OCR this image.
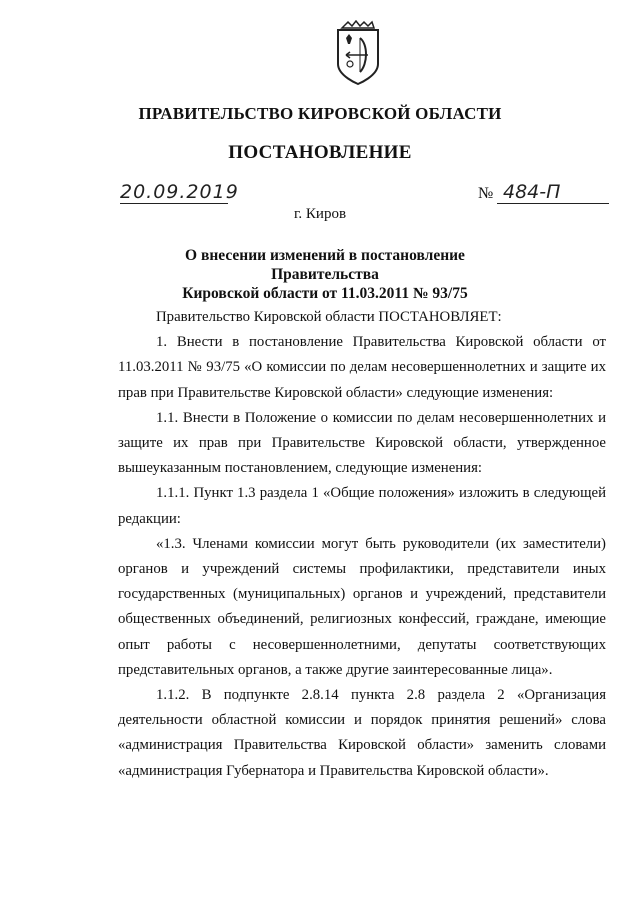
ПРАВИТЕЛЬСТВО КИРОВСКОЙ ОБЛАСТИ
ПОСТАНОВЛЕНИЕ
20.09.2019	№ 484-П
г. Киров
О внесении изменений в постановление Правительства
Кировской области от 11.03.2011 № 93/75

Правительство Кировской области ПОСТАНОВЛЯЕТ:

1. Внести в постановление Правительства Кировской области от 11.03.2011 № 93/75 «О комиссии по делам несовершеннолетних и защите их прав при Правительстве Кировской области» следующие изменения:

1.1. Внести в Положение о комиссии по делам несовершеннолетних и защите их прав при Правительстве Кировской области, утвержденное вышеуказанным постановлением, следующие изменения:

1.1.1. Пункт 1.3 раздела 1 «Общие положения» изложить в следующей редакции:

«1.3. Членами комиссии могут быть руководители (их заместители) органов и учреждений системы профилактики, представители иных государственных (муниципальных) органов и учреждений, представители общественных объединений, религиозных конфессий, граждане, имеющие опыт работы с несовершеннолетними, депутаты соответствующих представительных органов, а также другие заинтересованные лица».

1.1.2. В подпункте 2.8.14 пункта 2.8 раздела 2 «Организация деятельности областной комиссии и порядок принятия решений» слова «администрация Правительства Кировской области» заменить словами «администрация Губернатора и Правительства Кировской области».
